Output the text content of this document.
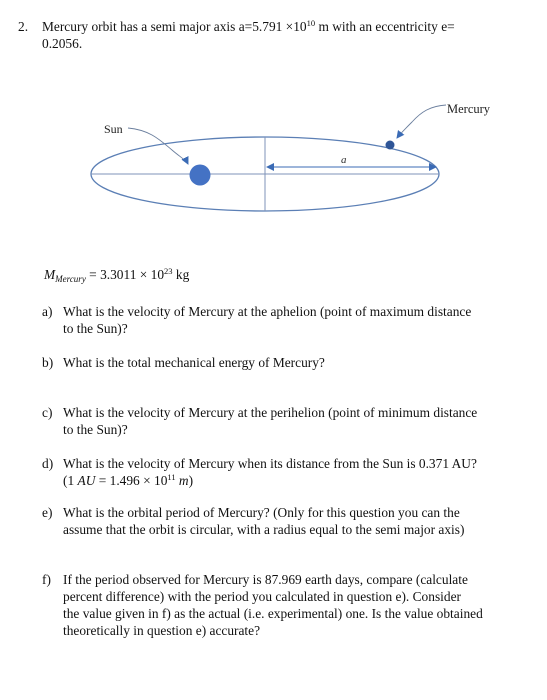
2. Mercury orbit has a semi major axis $a=5.791 \times 10^{10}$ m with an eccentricity e=
0.2056.
a
Sun
Mercury
$M_{Mercury} = 3.3011 \times 10^{23}$ kg
a) What is the velocity of Mercury at the aphelion (point of maximum distance
to the Sun)?
b) What is the total mechanical energy of Mercury?
c) What is the velocity of Mercury at the perihelion (point of minimum distance
to the Sun)?
d) What is the velocity of Mercury when its distance from the Sun is 0.371 AU?
(1 AU = $1.496 \times 10^{11}$ m)
e) What is the orbital period of Mercury? (Only for this question you can the
assume that the orbit is circular, with a radius equal to the semi major axis)
f) If the period observed for Mercury is 87.969 earth days, compare (calculate
percent difference) with the period you calculated in question e). Consider
the value given in f) as the actual (i.e. experimental) one. Is the value obtained
theoretically in question e) accurate?
